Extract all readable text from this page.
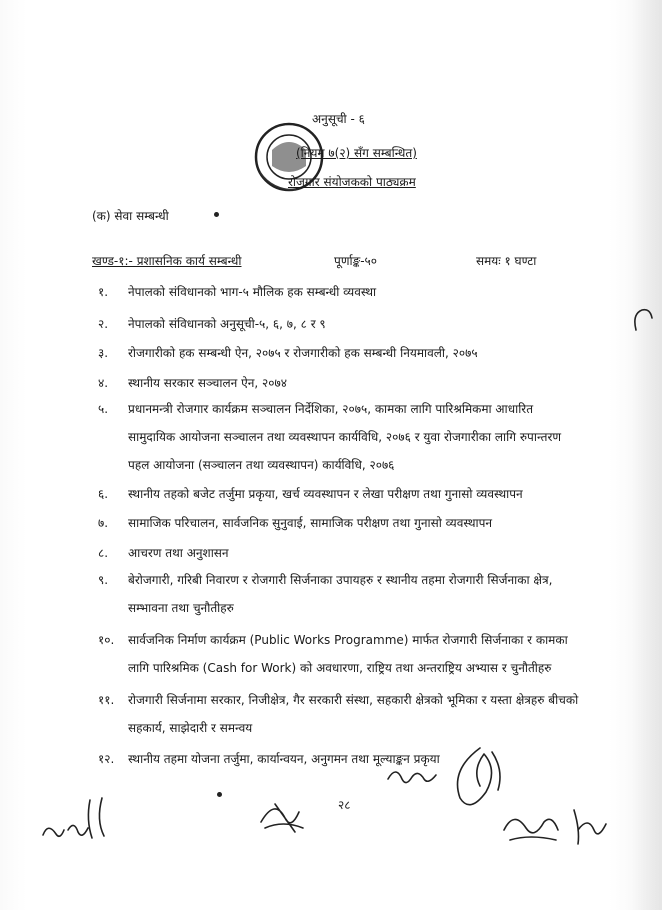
अनुसूची - ६
(नियम ७(२) सँग सम्बन्धित)
रोजगार संयोजकको पाठ्यक्रम
(क) सेवा सम्बन्धी
खण्ड-१:- प्रशासनिक कार्य सम्बन्धी	पूर्णाङ्क-५०	समयः १ घण्टा
१.	नेपालको संविधानको भाग-५ मौलिक हक सम्बन्धी व्यवस्था
२.	नेपालको संविधानको अनुसूची-५, ६, ७, ८ र ९
३.	रोजगारीको हक सम्बन्धी ऐन, २०७५ र रोजगारीको हक सम्बन्धी नियमावली, २०७५
४.	स्थानीय सरकार सञ्चालन ऐन, २०७४
५.	प्रधानमन्त्री रोजगार कार्यक्रम सञ्चालन निर्देशिका, २०७५, कामका लागि पारिश्रमिकमा आधारित सामुदायिक आयोजना सञ्चालन तथा व्यवस्थापन कार्यविधि, २०७६ र युवा रोजगारीका लागि रुपान्तरण पहल आयोजना (सञ्चालन तथा व्यवस्थापन) कार्यविधि, २०७६
६.	स्थानीय तहको बजेट तर्जुमा प्रकृया, खर्च व्यवस्थापन र लेखा परीक्षण तथा गुनासो व्यवस्थापन
७.	सामाजिक परिचालन, सार्वजनिक सुनुवाई, सामाजिक परीक्षण तथा गुनासो व्यवस्थापन
८.	आचरण तथा अनुशासन
९.	बेरोजगारी, गरिबी निवारण र रोजगारी सिर्जनाका उपायहरु र स्थानीय तहमा रोजगारी सिर्जनाका क्षेत्र, सम्भावना तथा चुनौतीहरु
१०.	सार्वजनिक निर्माण कार्यक्रम (Public Works Programme) मार्फत रोजगारी सिर्जनाका र कामका लागि पारिश्रमिक (Cash for Work) को अवधारणा, राष्ट्रिय तथा अन्तराष्ट्रिय अभ्यास र चुनौतीहरु
११.	रोजगारी सिर्जनामा सरकार, निजीक्षेत्र, गैर सरकारी संस्था, सहकारी क्षेत्रको भूमिका र यस्ता क्षेत्रहरु बीचको सहकार्य, साझेदारी र समन्वय
१२.	स्थानीय तहमा योजना तर्जुमा, कार्यान्वयन, अनुगमन तथा मूल्याङ्कन प्रकृया
२८
